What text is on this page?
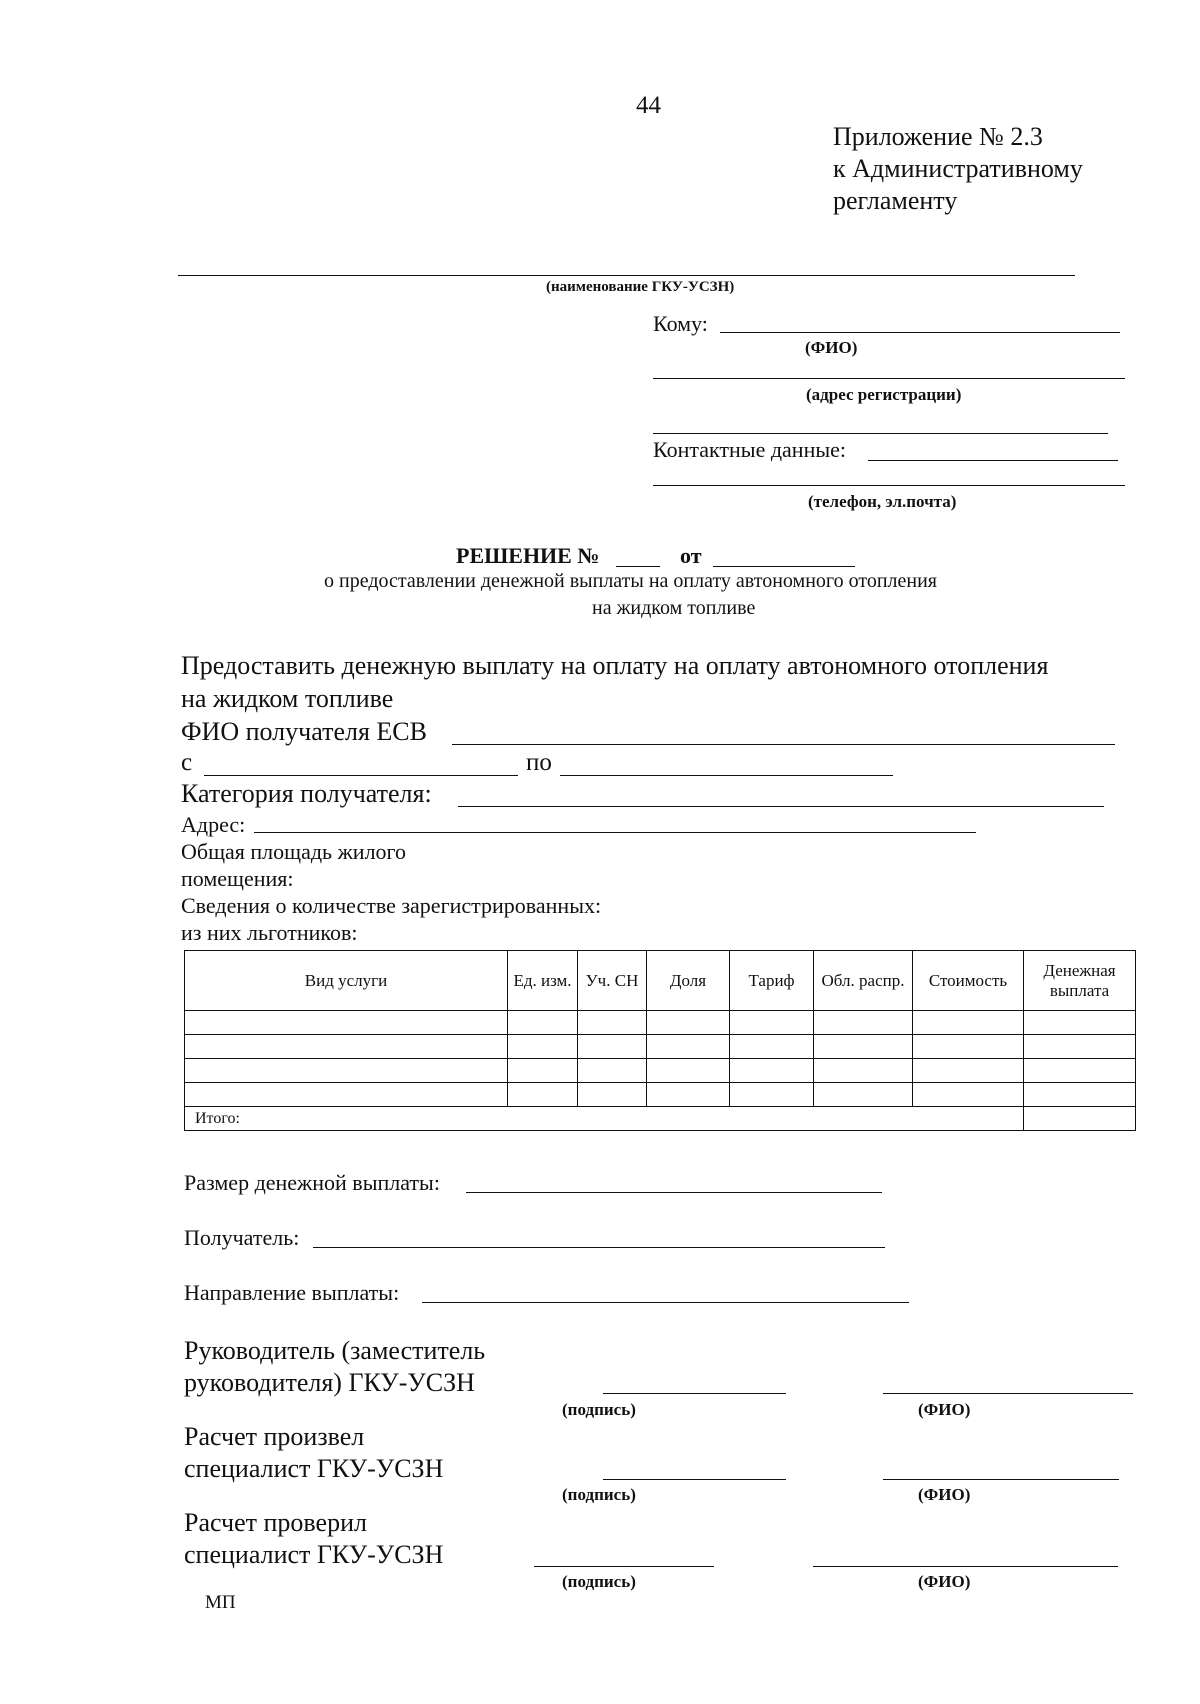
44
Приложение № 2.3
к Административному
регламенту
(наименование ГКУ-УСЗН)
Кому:
(ФИО)
(адрес регистрации)
Контактные данные:
(телефон, эл.почта)
РЕШЕНИЕ №	от
о предоставлении денежной выплаты на оплату автономного отопления
на жидком топливе
Предоставить денежную выплату на оплату на оплату автономного отопления
на жидком топливе
ФИО получателя ЕСВ
с	по
Категория получателя:
Адрес:
Общая площадь жилого
помещения:
Сведения о количестве зарегистрированных:
из них льготников:
Вид услуги	Ед. изм.	Уч. СН	Доля	Тариф	Обл. распр.	Стоимость	Денежная выплата

Итого:							
Размер денежной выплаты:
Получатель:
Направление выплаты:
Руководитель (заместитель
руководителя) ГКУ-УСЗН
(подпись)	(ФИО)
Расчет произвел
специалист ГКУ-УСЗН
(подпись)	(ФИО)
Расчет проверил
специалист ГКУ-УСЗН
(подпись)	(ФИО)
МП
